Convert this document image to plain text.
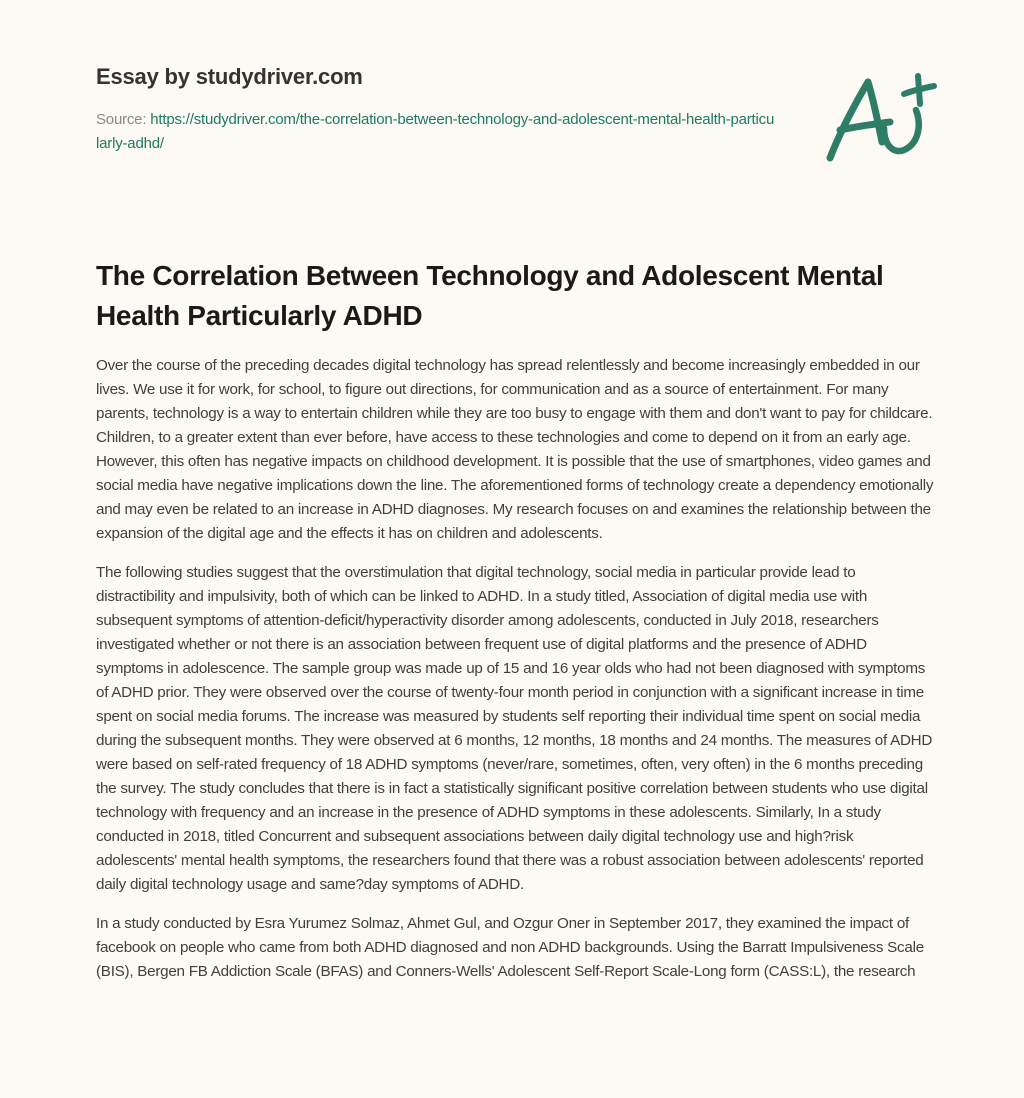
Essay by studydriver.com
Source: https://studydriver.com/the-correlation-between-technology-and-adolescent-mental-health-particularly-adhd/
The Correlation Between Technology and Adolescent Mental Health Particularly ADHD

Over the course of the preceding decades digital technology has spread relentlessly and become increasingly embedded in our lives. We use it for work, for school, to figure out directions, for communication and as a source of entertainment. For many parents, technology is a way to entertain children while they are too busy to engage with them and don't want to pay for childcare. Children, to a greater extent than ever before, have access to these technologies and come to depend on it from an early age. However, this often has negative impacts on childhood development. It is possible that the use of smartphones, video games and social media have negative implications down the line. The aforementioned forms of technology create a dependency emotionally and may even be related to an increase in ADHD diagnoses. My research focuses on and examines the relationship between the expansion of the digital age and the effects it has on children and adolescents.

The following studies suggest that the overstimulation that digital technology, social media in particular provide lead to distractibility and impulsivity, both of which can be linked to ADHD. In a study titled, Association of digital media use with subsequent symptoms of attention-deficit/hyperactivity disorder among adolescents, conducted in July 2018, researchers investigated whether or not there is an association between frequent use of digital platforms and the presence of ADHD symptoms in adolescence. The sample group was made up of 15 and 16 year olds who had not been diagnosed with symptoms of ADHD prior. They were observed over the course of twenty-four month period in conjunction with a significant increase in time spent on social media forums. The increase was measured by students self reporting their individual time spent on social media during the subsequent months. They were observed at 6 months, 12 months, 18 months and 24 months. The measures of ADHD were based on self-rated frequency of 18 ADHD symptoms (never/rare, sometimes, often, very often) in the 6 months preceding the survey. The study concludes that there is in fact a statistically significant positive correlation between students who use digital technology with frequency and an increase in the presence of ADHD symptoms in these adolescents. Similarly, In a study conducted in 2018, titled Concurrent and subsequent associations between daily digital technology use and high?risk adolescents' mental health symptoms, the researchers found that there was a robust association between adolescents' reported daily digital technology usage and same?day symptoms of ADHD.

In a study conducted by Esra Yurumez Solmaz, Ahmet Gul, and Ozgur Oner in September 2017, they examined the impact of facebook on people who came from both ADHD diagnosed and non ADHD backgrounds. Using the Barratt Impulsiveness Scale (BIS), Bergen FB Addiction Scale (BFAS) and Conners-Wells' Adolescent Self-Report Scale-Long form (CASS:L), the research
